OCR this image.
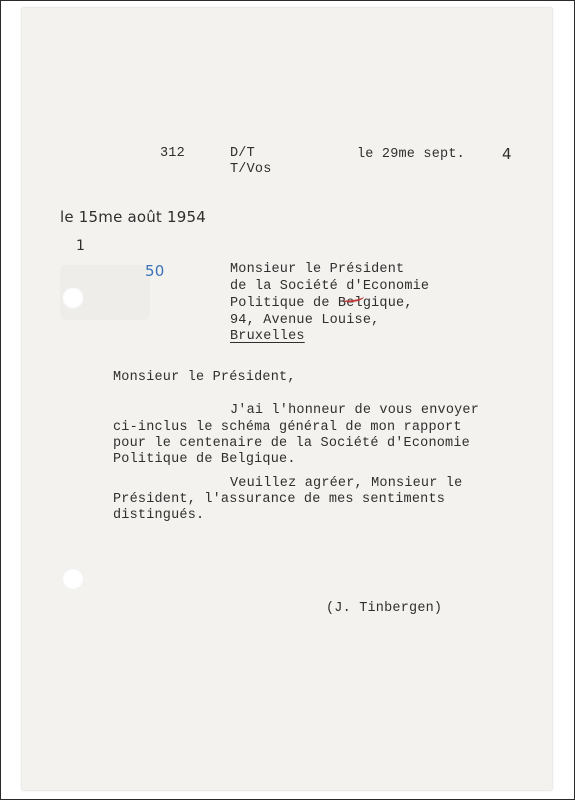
312	D/T
T/Vos
le 29me sept. 4
le 15me août 1954
1
50	Monsieur le Président
de la Société d'Economie
Politique de Belgique,
94, Avenue Louise,
Bruxelles
Monsieur le Président,
J'ai l'honneur de vous envoyer
ci-inclus le schéma général de mon rapport
pour le centenaire de la Société d'Economie
Politique de Belgique.
Veuillez agréer, Monsieur le
Président, l'assurance de mes sentiments
distingués.
(J. Tinbergen)
